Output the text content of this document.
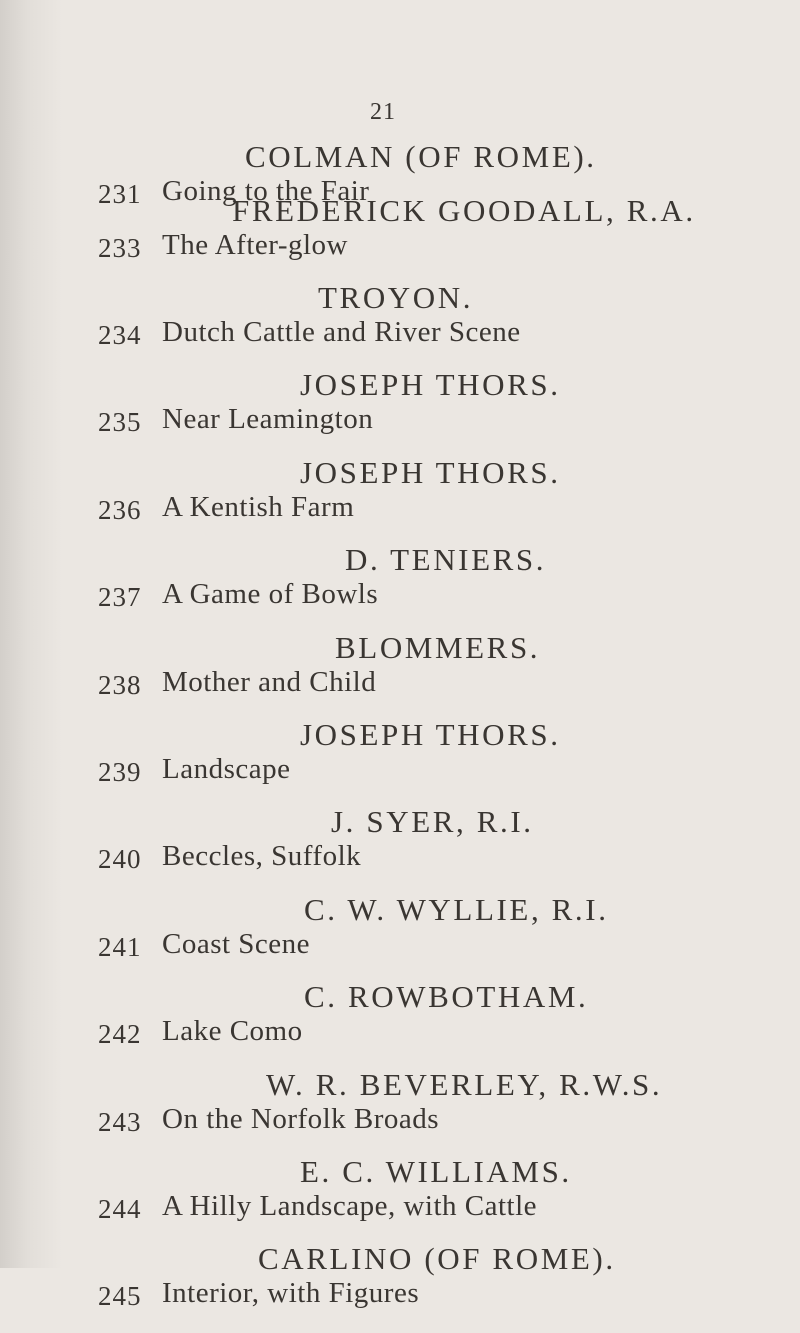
21
COLMAN (OF ROME).
231 Going to the Fair
FREDERICK GOODALL, R.A.
233 The After-glow
TROYON.
234 Dutch Cattle and River Scene
JOSEPH THORS.
235 Near Leamington
JOSEPH THORS.
236 A Kentish Farm
D. TENIERS.
237 A Game of Bowls
BLOMMERS.
238 Mother and Child
JOSEPH THORS.
239 Landscape
J. SYER, R.I.
240 Beccles, Suffolk
C. W. WYLLIE, R.I.
241 Coast Scene
C. ROWBOTHAM.
242 Lake Como
W. R. BEVERLEY, R.W.S.
243 On the Norfolk Broads
E. C. WILLIAMS.
244 A Hilly Landscape, with Cattle
CARLINO (OF ROME).
245 Interior, with Figures
